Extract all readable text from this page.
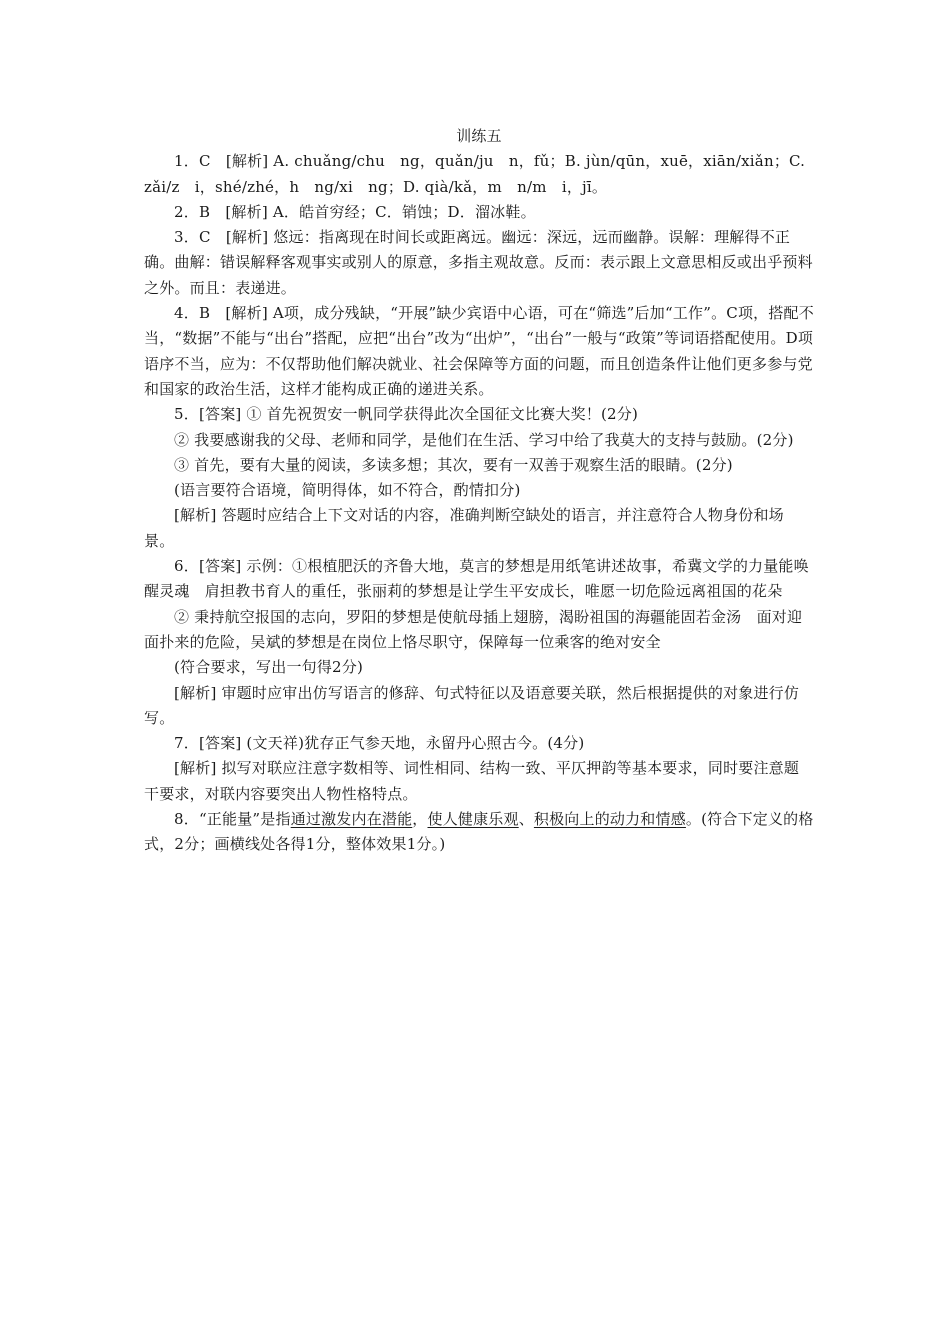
训练五

1．C　[解析] A. chuǎng/chu　ng，quǎn/ju　n，fǔ；B. jùn/qūn，xuē，xiān/xiǎn；C. zǎi/z　i，shé/zhé，h　ng/xi　ng；D. qià/kǎ，m　n/m　i，jī。

2．B　[解析] A．皓首穷经；C．销蚀；D．溜冰鞋。

3．C　[解析] 悠远：指离现在时间长或距离远。幽远：深远，远而幽静。误解：理解得不正确。曲解：错误解释客观事实或别人的原意，多指主观故意。反而：表示跟上文意思相反或出乎预料之外。而且：表递进。

4．B　[解析] A项，成分残缺，“开展”缺少宾语中心语，可在“筛选”后加“工作”。C项，搭配不当，“数据”不能与“出台”搭配，应把“出台”改为“出炉”，“出台”一般与“政策”等词语搭配使用。D项语序不当，应为：不仅帮助他们解决就业、社会保障等方面的问题，而且创造条件让他们更多参与党和国家的政治生活，这样才能构成正确的递进关系。

5．[答案] ① 首先祝贺安一帆同学获得此次全国征文比赛大奖！(2分)

② 我要感谢我的父母、老师和同学，是他们在生活、学习中给了我莫大的支持与鼓励。(2分)

③ 首先，要有大量的阅读，多读多想；其次，要有一双善于观察生活的眼睛。(2分)

(语言要符合语境，简明得体，如不符合，酌情扣分)

[解析] 答题时应结合上下文对话的内容，准确判断空缺处的语言，并注意符合人物身份和场景。

6．[答案] 示例：①根植肥沃的齐鲁大地，莫言的梦想是用纸笔讲述故事，希冀文学的力量能唤醒灵魂　肩担教书育人的重任，张丽莉的梦想是让学生平安成长，唯愿一切危险远离祖国的花朵

② 秉持航空报国的志向，罗阳的梦想是使航母插上翅膀，渴盼祖国的海疆能固若金汤　面对迎面扑来的危险，吴斌的梦想是在岗位上恪尽职守，保障每一位乘客的绝对安全

(符合要求，写出一句得2分)

[解析] 审题时应审出仿写语言的修辞、句式特征以及语意要关联，然后根据提供的对象进行仿写。

7．[答案] (文天祥)犹存正气参天地，永留丹心照古今。(4分)

[解析] 拟写对联应注意字数相等、词性相同、结构一致、平仄押韵等基本要求，同时要注意题干要求，对联内容要突出人物性格特点。

8．“正能量”是指通过激发内在潜能，使人健康乐观、积极向上的动力和情感。(符合下定义的格式，2分；画横线处各得1分，整体效果1分。)
